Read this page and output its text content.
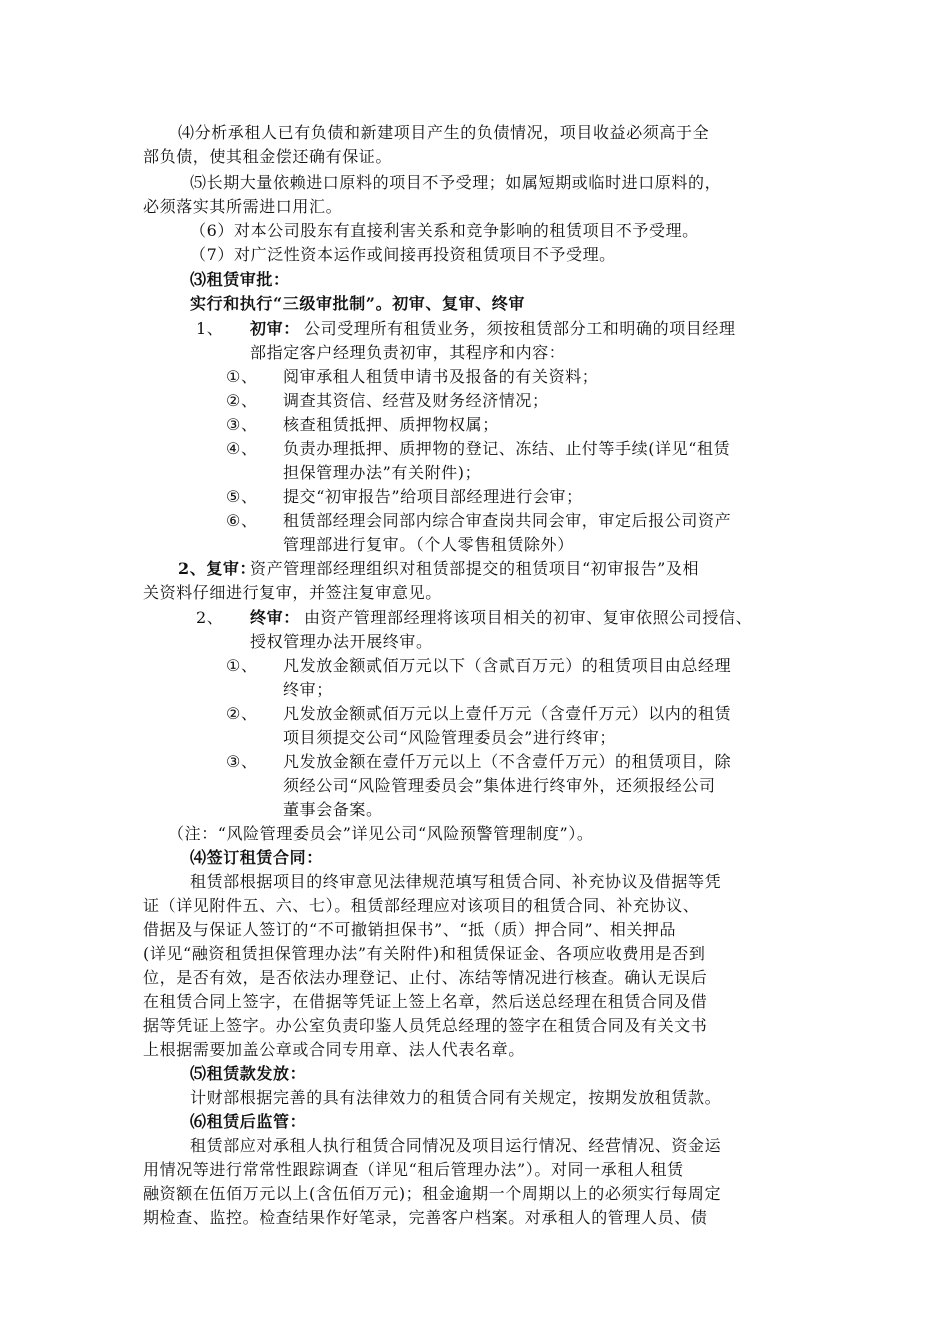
⑷分析承租人已有负债和新建项目产生的负债情况，项目收益必须高于全
部负债，使其租金偿还确有保证。
⑸长期大量依赖进口原料的项目不予受理；如属短期或临时进口原料的，
必须落实其所需进口用汇。
（6）对本公司股东有直接利害关系和竞争影响的租赁项目不予受理。
（7）对广泛性资本运作或间接再投资租赁项目不予受理。
⑶租赁审批：
实行和执行“三级审批制”。初审、复审、终审
1、 初审： 公司受理所有租赁业务，须按租赁部分工和明确的项目经理
部指定客户经理负责初审，其程序和内容：
①、 阅审承租人租赁申请书及报备的有关资料；
②、 调查其资信、经营及财务经济情况；
③、 核查租赁抵押、质押物权属；
④、 负责办理抵押、质押物的登记、冻结、止付等手续(详见“租赁
担保管理办法”有关附件)；
⑤、 提交“初审报告”给项目部经理进行会审；
⑥、 租赁部经理会同部内综合审查岗共同会审，审定后报公司资产
管理部进行复审。（个人零售租赁除外）
2、复审：
资产管理部经理组织对租赁部提交的租赁项目“初审报告”及相
关资料仔细进行复审，并签注复审意见。
2、 终审： 由资产管理部经理将该项目相关的初审、复审依照公司授信、
授权管理办法开展终审。
①、 凡发放金额贰佰万元以下（含贰百万元）的租赁项目由总经理
终审；
②、 凡发放金额贰佰万元以上壹仟万元（含壹仟万元）以内的租赁
项目须提交公司“风险管理委员会”进行终审；
③、 凡发放金额在壹仟万元以上（不含壹仟万元）的租赁项目，除
须经公司“风险管理委员会”集体进行终审外，还须报经公司
董事会备案。
（注：“风险管理委员会”详见公司“风险预警管理制度”）。
⑷签订租赁合同：
租赁部根据项目的终审意见法律规范填写租赁合同、补充协议及借据等凭
证（详见附件五、六、七）。租赁部经理应对该项目的租赁合同、补充协议、
借据及与保证人签订的“不可撤销担保书”、“抵（质）押合同”、相关押品
(详见“融资租赁担保管理办法”有关附件)和租赁保证金、各项应收费用是否到
位，是否有效，是否依法办理登记、止付、冻结等情况进行核查。确认无误后
在租赁合同上签字，在借据等凭证上签上名章，然后送总经理在租赁合同及借
据等凭证上签字。办公室负责印鉴人员凭总经理的签字在租赁合同及有关文书
上根据需要加盖公章或合同专用章、法人代表名章。
⑸租赁款发放：
计财部根据完善的具有法律效力的租赁合同有关规定，按期发放租赁款。
⑹租赁后监管：
租赁部应对承租人执行租赁合同情况及项目运行情况、经营情况、资金运
用情况等进行常常性跟踪调查（详见“租后管理办法”）。对同一承租人租赁
融资额在伍佰万元以上(含伍佰万元)；租金逾期一个周期以上的必须实行每周定
期检查、监控。检查结果作好笔录，完善客户档案。对承租人的管理人员、债
